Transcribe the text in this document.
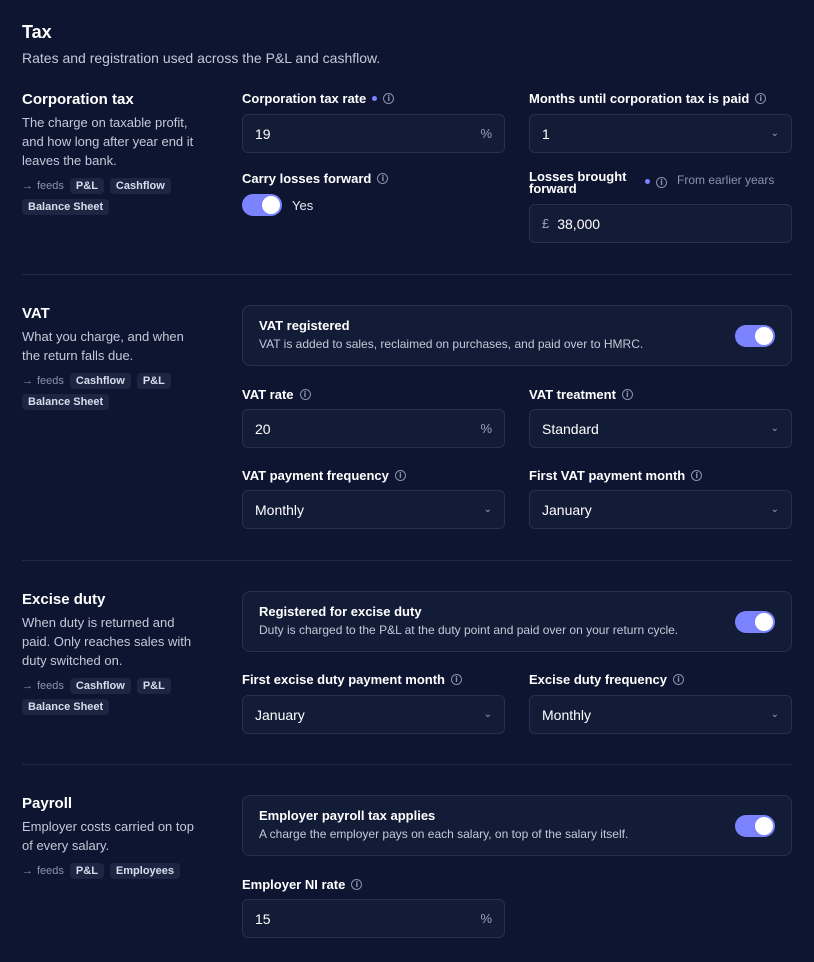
Tax
Rates and registration used across the P&L and cashflow.
Corporation tax
The charge on taxable profit, and how long after year end it leaves the bank.
→ feeds	P&L	Cashflow
Balance Sheet
Corporation tax rate	i
19	%
Months until corporation tax is paid	i
1	⌄
Carry losses forward	i
Yes
Losses brought forward	i	From earlier years
£ 38,000
VAT
What you charge, and when the return falls due.
→ feeds	Cashflow	P&L
Balance Sheet
VAT registered
VAT is added to sales, reclaimed on purchases, and paid over to HMRC.
VAT rate	i
20	%
VAT treatment	i
Standard	⌄
VAT payment frequency	i
Monthly	⌄
First VAT payment month	i
January	⌄
Excise duty
When duty is returned and paid. Only reaches sales with duty switched on.
→ feeds	Cashflow	P&L
Balance Sheet
Registered for excise duty
Duty is charged to the P&L at the duty point and paid over on your return cycle.
First excise duty payment month	i
January	⌄
Excise duty frequency	i
Monthly	⌄
Payroll
Employer costs carried on top of every salary.
→ feeds	P&L	Employees
Employer payroll tax applies
A charge the employer pays on each salary, on top of the salary itself.
Employer NI rate	i
15	%
